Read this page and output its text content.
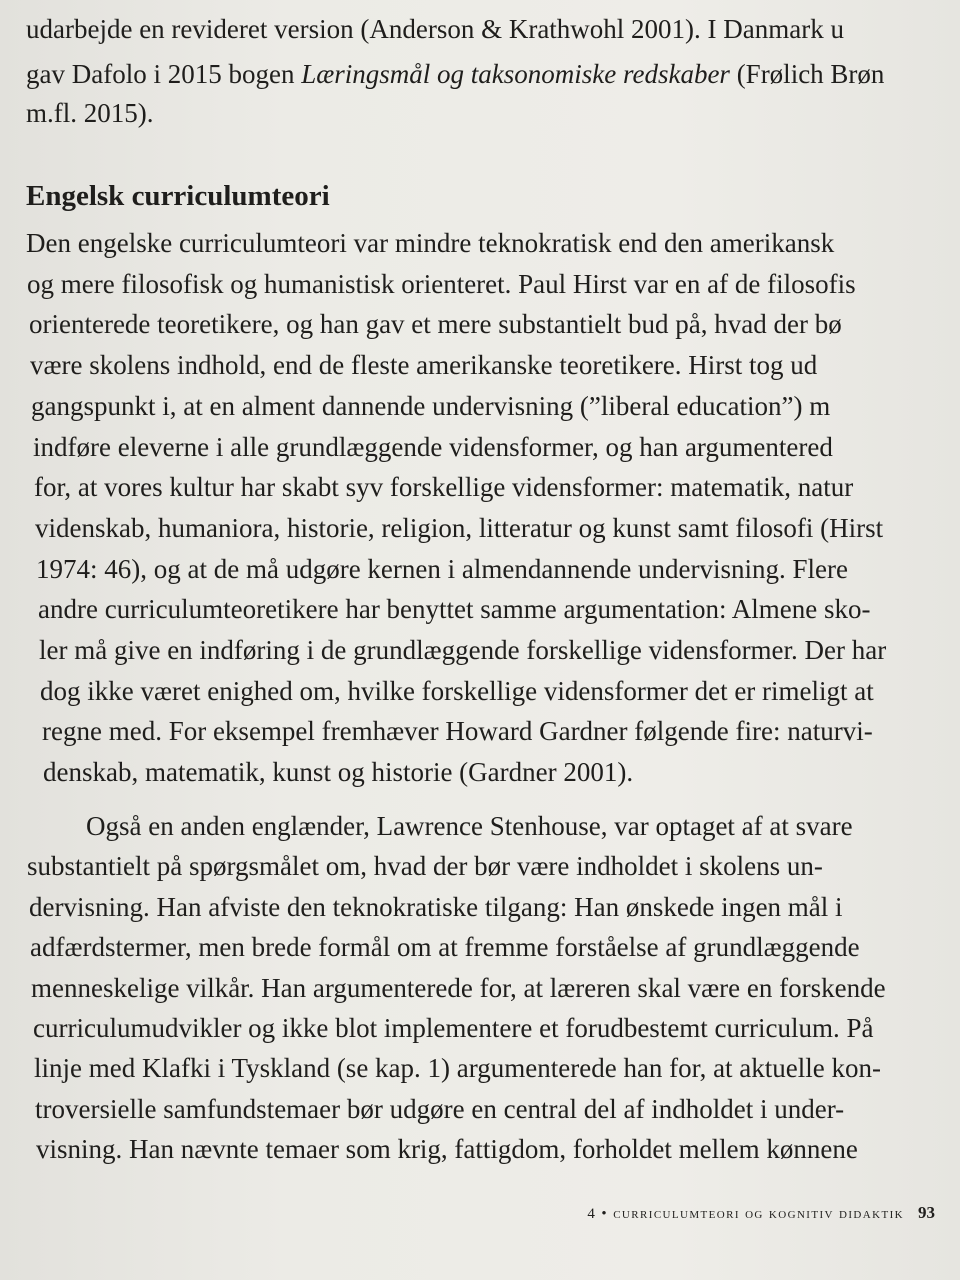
udarbejde en revideret version (Anderson & Krathwohl 2001). I Danmark u
gav Dafolo i 2015 bogen Læringsmål og taksonomiske redskaber (Frølich Brøn
m.fl. 2015).
Engelsk curriculumteori
Den engelske curriculumteori var mindre teknokratisk end den amerikansk
og mere filosofisk og humanistisk orienteret. Paul Hirst var en af de filosofis
orienterede teoretikere, og han gav et mere substantielt bud på, hvad der bø
være skolens indhold, end de fleste amerikanske teoretikere. Hirst tog ud
gangspunkt i, at en alment dannende undervisning (”liberal education”) m
indføre eleverne i alle grundlæggende vidensformer, og han argumentered
for, at vores kultur har skabt syv forskellige vidensformer: matematik, natur
videnskab, humaniora, historie, religion, litteratur og kunst samt filosofi (Hirst
1974: 46), og at de må udgøre kernen i almendannende undervisning. Flere
andre curriculumteoretikere har benyttet samme argumentation: Almene sko-
ler må give en indføring i de grundlæggende forskellige vidensformer. Der har
dog ikke været enighed om, hvilke forskellige vidensformer det er rimeligt at
regne med. For eksempel fremhæver Howard Gardner følgende fire: naturvi-
denskab, matematik, kunst og historie (Gardner 2001).
Også en anden englænder, Lawrence Stenhouse, var optaget af at svare
substantielt på spørgsmålet om, hvad der bør være indholdet i skolens un-
dervisning. Han afviste den teknokratiske tilgang: Han ønskede ingen mål i
adfærdstermer, men brede formål om at fremme forståelse af grundlæggende
menneskelige vilkår. Han argumenterede for, at læreren skal være en forskende
curriculumudvikler og ikke blot implementere et forudbestemt curriculum. På
linje med Klafki i Tyskland (se kap. 1) argumenterede han for, at aktuelle kon-
troversielle samfundstemaer bør udgøre en central del af indholdet i under-
visning. Han nævnte temaer som krig, fattigdom, forholdet mellem kønnene
4 • curriculumteori og kognitiv didaktik 93
